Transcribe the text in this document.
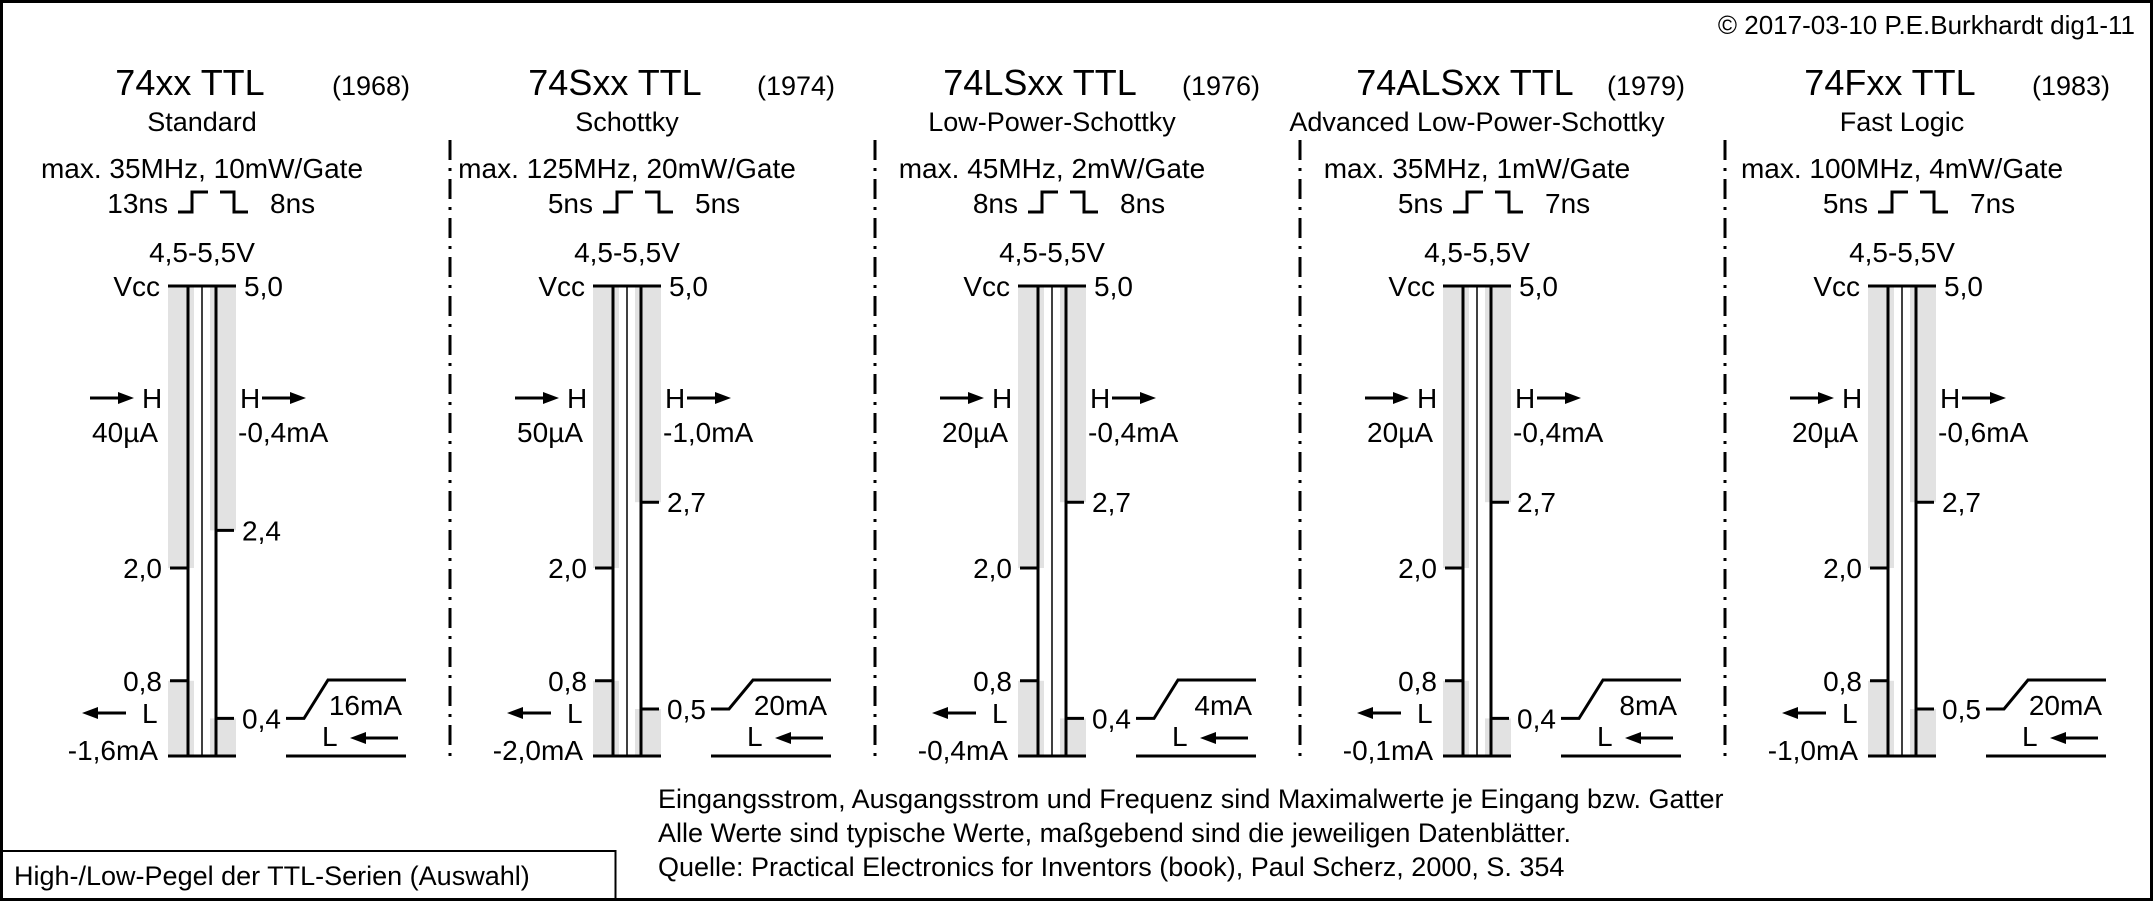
© 2017-03-10 P.E.Burkhardt dig1-11
74xx TTL (1968)
Standard
max. 35MHz, 10mW/Gate
13ns	8ns
4,5-5,5V
Vcc	5,0
2,0
0,8
2,4
0,4
H
40µA
H
-0,4mA
L
-1,6mA
16mA
L
74Sxx TTL (1974)
Schottky
max. 125MHz, 20mW/Gate
5ns	5ns
4,5-5,5V
Vcc	5,0
2,0
0,8
2,7
0,5
H
50µA
H
-1,0mA
L
-2,0mA
20mA
L
74LSxx TTL (1976)
Low-Power-Schottky
max. 45MHz, 2mW/Gate
8ns	8ns
4,5-5,5V
Vcc	5,0
2,0
0,8
2,7
0,4
H
20µA
H
-0,4mA
L
-0,4mA
4mA
L
74ALSxx TTL (1979)
Advanced Low-Power-Schottky
max. 35MHz, 1mW/Gate
5ns	7ns
4,5-5,5V
Vcc	5,0
2,0
0,8
2,7
0,4
H
20µA
H
-0,4mA
L
-0,1mA
8mA
L
74Fxx TTL (1983)
Fast Logic
max. 100MHz, 4mW/Gate
5ns	7ns
4,5-5,5V
Vcc	5,0
2,0
0,8
2,7
0,5
H
20µA
H
-0,6mA
L
-1,0mA
20mA
L
High-/Low-Pegel der TTL-Serien (Auswahl)
Eingangsstrom, Ausgangsstrom und Frequenz sind Maximalwerte je Eingang bzw. Gatter
Alle Werte sind typische Werte, maßgebend sind die jeweiligen Datenblätter.
Quelle: Practical Electronics for Inventors (book), Paul Scherz, 2000, S. 354
